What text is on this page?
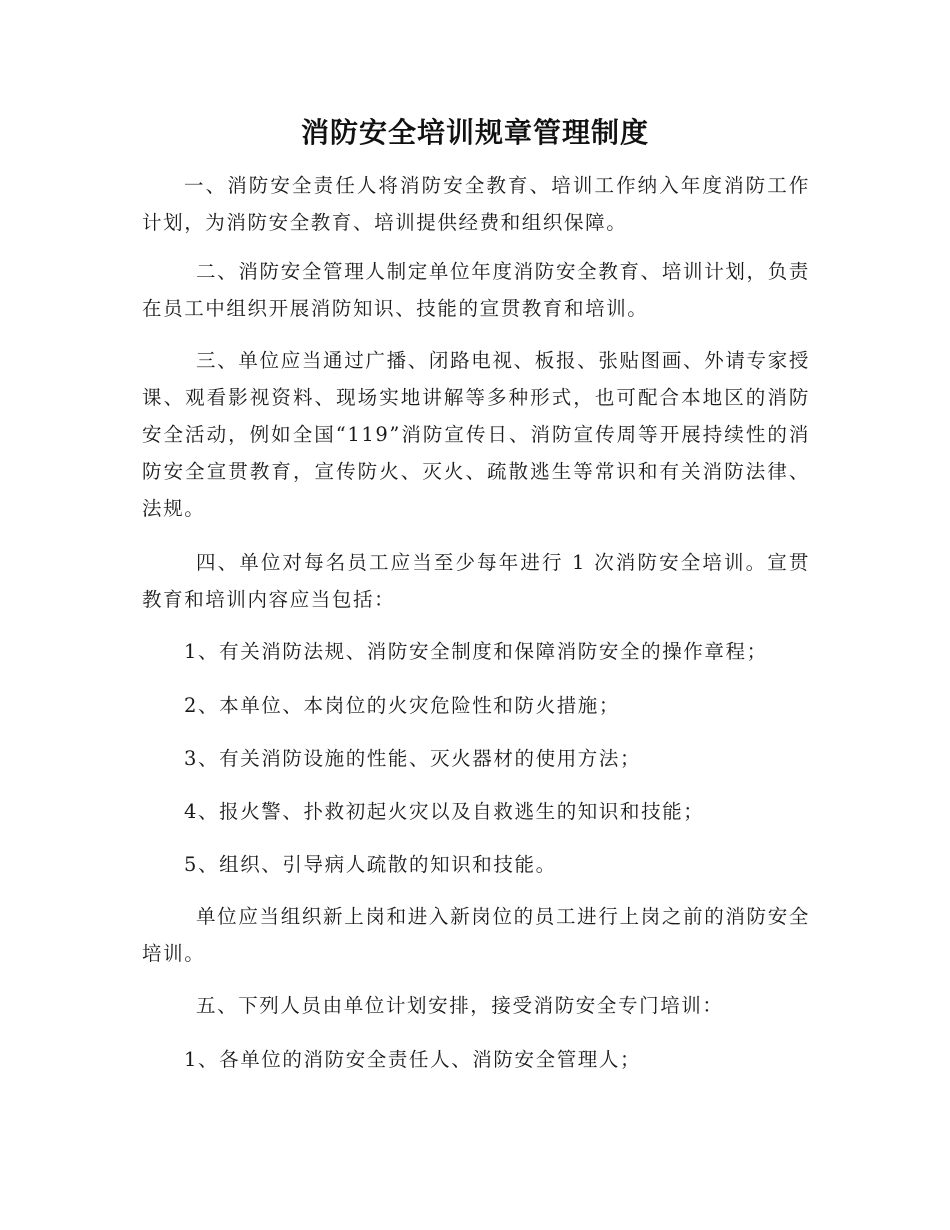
消防安全培训规章管理制度

一、消防安全责任人将消防安全教育、培训工作纳入年度消防工作计划，为消防安全教育、培训提供经费和组织保障。

二、消防安全管理人制定单位年度消防安全教育、培训计划，负责在员工中组织开展消防知识、技能的宣贯教育和培训。

三、单位应当通过广播、闭路电视、板报、张贴图画、外请专家授课、观看影视资料、现场实地讲解等多种形式，也可配合本地区的消防安全活动，例如全国“119”消防宣传日、消防宣传周等开展持续性的消防安全宣贯教育，宣传防火、灭火、疏散逃生等常识和有关消防法律、法规。

四、单位对每名员工应当至少每年进行 1 次消防安全培训。宣贯教育和培训内容应当包括：

1、有关消防法规、消防安全制度和保障消防安全的操作章程；

2、本单位、本岗位的火灾危险性和防火措施；

3、有关消防设施的性能、灭火器材的使用方法；

4、报火警、扑救初起火灾以及自救逃生的知识和技能；

5、组织、引导病人疏散的知识和技能。

单位应当组织新上岗和进入新岗位的员工进行上岗之前的消防安全培训。

五、下列人员由单位计划安排，接受消防安全专门培训：

1、各单位的消防安全责任人、消防安全管理人；
